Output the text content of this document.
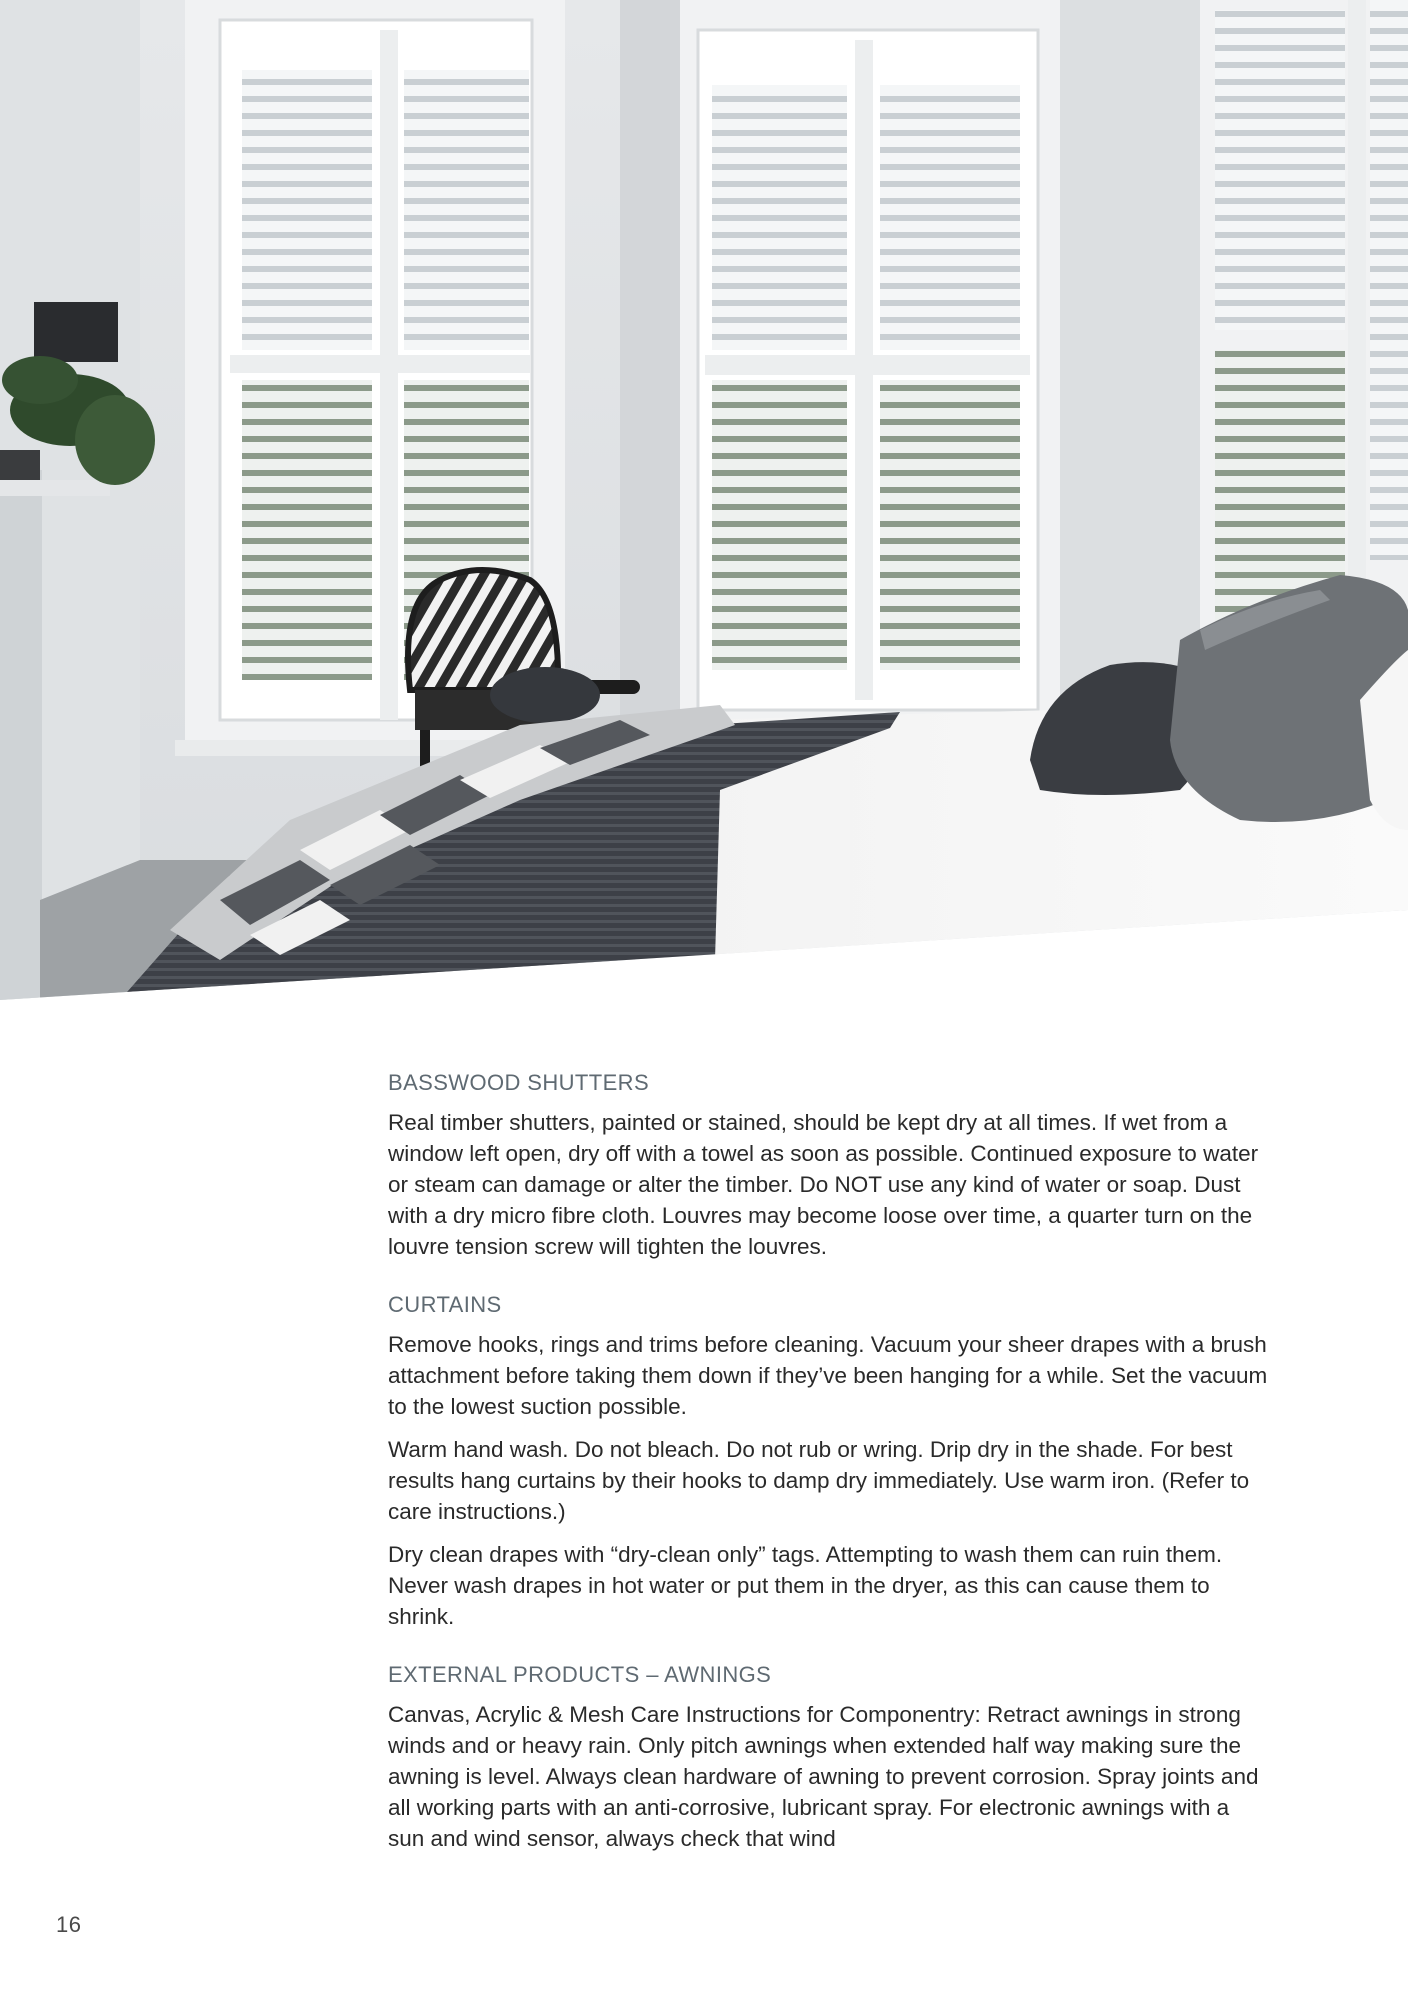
BASSWOOD SHUTTERS

Real timber shutters, painted or stained, should be kept dry at all times. If wet from a window left open, dry off with a towel as soon as possible. Continued exposure to water or steam can damage or alter the timber. Do NOT use any kind of water or soap. Dust with a dry micro fibre cloth. Louvres may become loose over time, a quarter turn on the louvre tension screw will tighten the louvres.

CURTAINS

Remove hooks, rings and trims before cleaning. Vacuum your sheer drapes with a brush attachment before taking them down if they’ve been hanging for a while. Set the vacuum to the lowest suction possible.

Warm hand wash. Do not bleach. Do not rub or wring. Drip dry in the shade. For best results hang curtains by their hooks to damp dry immediately. Use warm iron. (Refer to care instructions.)

Dry clean drapes with “dry-clean only” tags. Attempting to wash them can ruin them. Never wash drapes in hot water or put them in the dryer, as this can cause them to shrink.

EXTERNAL PRODUCTS – AWNINGS

Canvas, Acrylic & Mesh Care Instructions for Componentry: Retract awnings in strong winds and or heavy rain. Only pitch awnings when extended half way making sure the awning is level. Always clean hardware of awning to prevent corrosion. Spray joints and all working parts with an anti-corrosive, lubricant spray. For electronic awnings with a sun and wind sensor, always check that wind

16
